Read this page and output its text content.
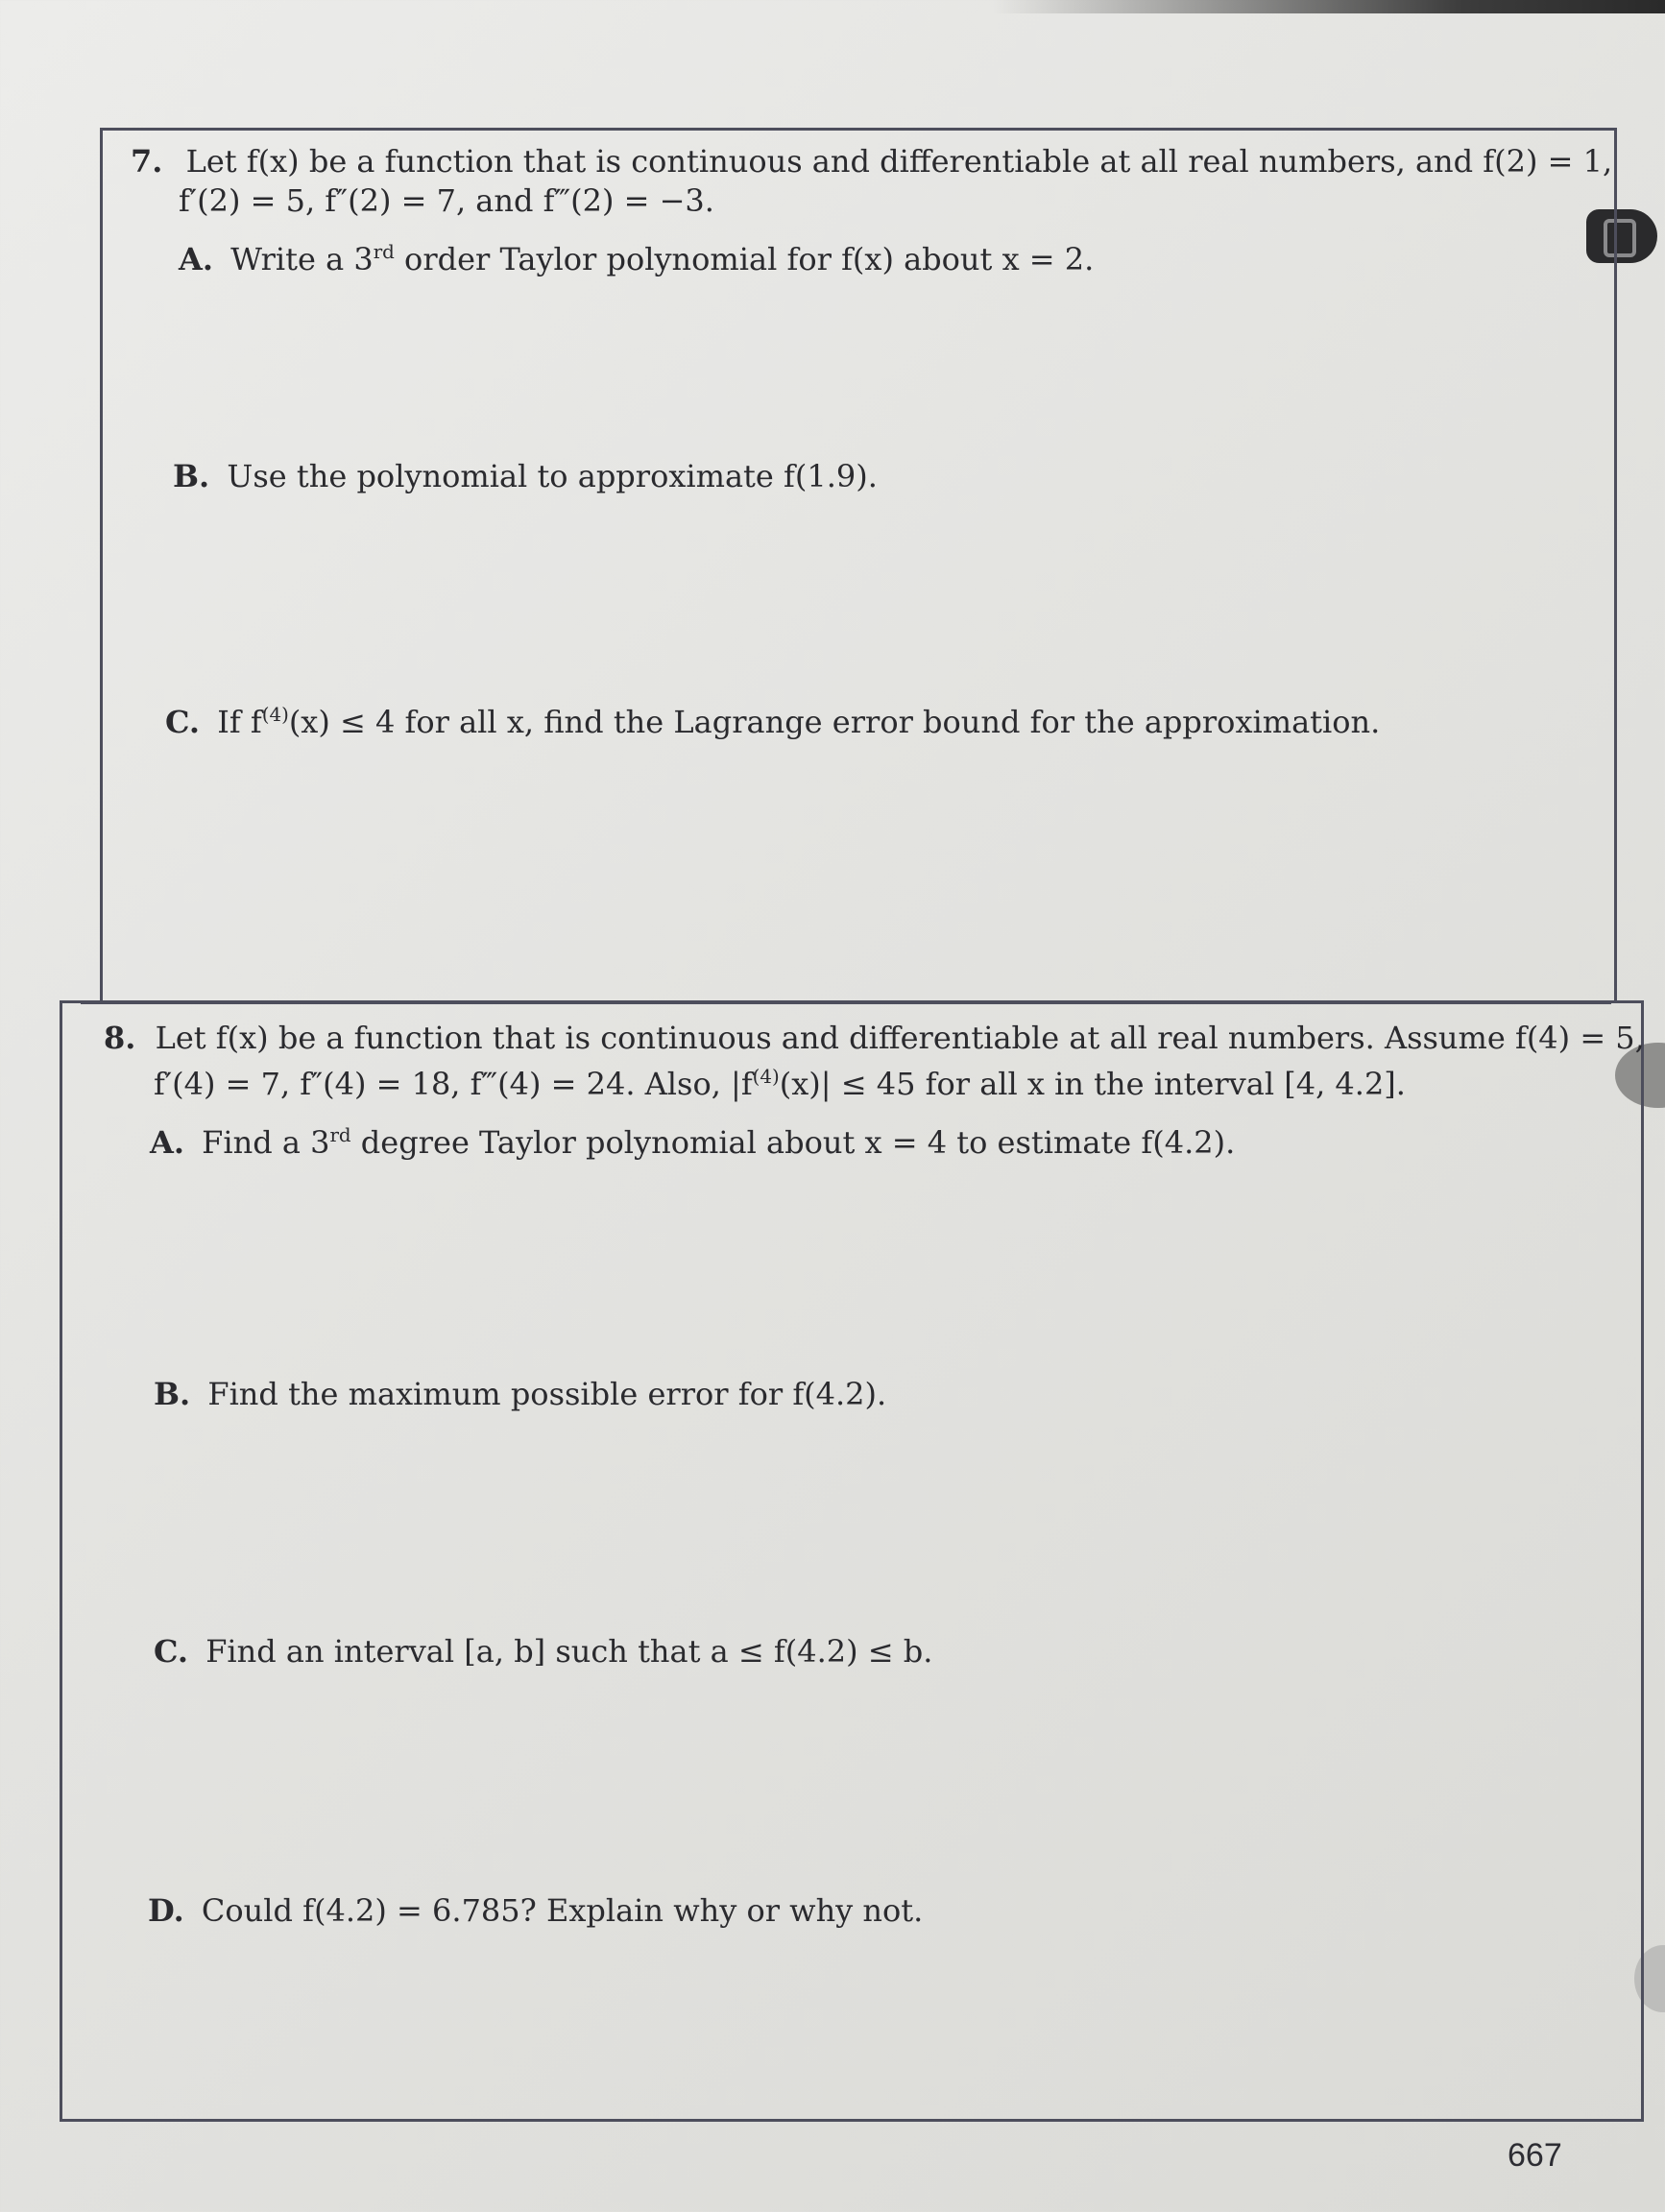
7. Let f(x) be a function that is continuous and differentiable at all real numbers, and f(2) = 1,
f′(2) = 5, f″(2) = 7, and f‴(2) = −3.
A. Write a 3rd order Taylor polynomial for f(x) about x = 2.
B. Use the polynomial to approximate f(1.9).
C. If $f^{(4)}(x) \le 4$ for all x, find the Lagrange error bound for the approximation.
8. Let f(x) be a function that is continuous and differentiable at all real numbers. Assume f(4) = 5,
f′(4) = 7, f″(4) = 18, f‴(4) = 24. Also, $|f^{(4)}(x)| \le 45$ for all x in the interval [4, 4.2].
A. Find a 3rd degree Taylor polynomial about x = 4 to estimate f(4.2).
B. Find the maximum possible error for f(4.2).
C. Find an interval [a, b] such that a ≤ f(4.2) ≤ b.
D. Could f(4.2) = 6.785? Explain why or why not.
667
